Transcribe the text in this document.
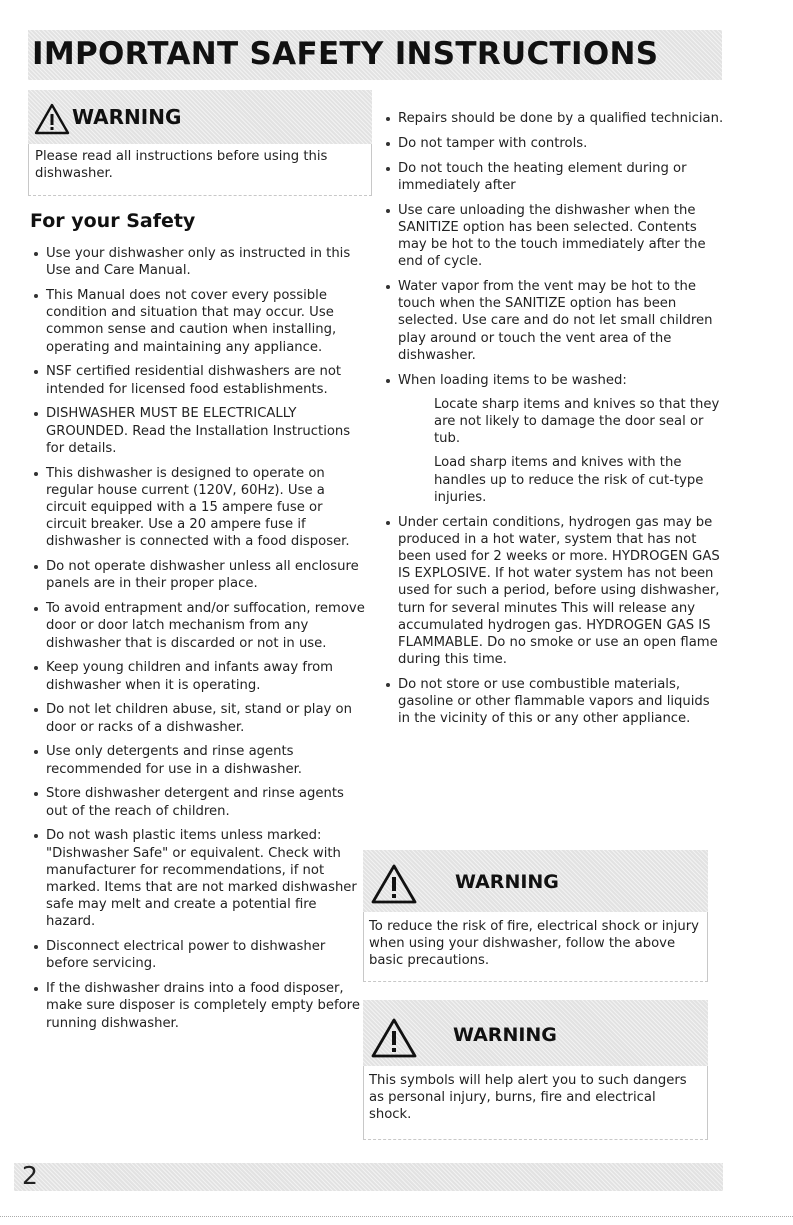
IMPORTANT SAFETY INSTRUCTIONS
WARNING
Please read all instructions before using this dishwasher.
For your Safety
Use your dishwasher only as instructed in this Use and Care Manual.
This Manual does not cover every possible condition and situation that may occur. Use common sense and caution when installing, operating and maintaining any appliance.
NSF certified residential dishwashers are not intended for licensed food establishments.
DISHWASHER MUST BE ELECTRICALLY GROUNDED. Read the Installation Instructions for details.
This dishwasher is designed to operate on regular house current (120V, 60Hz). Use a circuit equipped with a 15 ampere fuse or circuit breaker. Use a 20 ampere fuse if dishwasher is connected with a food disposer.
Do not operate dishwasher unless all enclosure panels are in their proper place.
To avoid entrapment and/or suffocation, remove door or door latch mechanism from any dishwasher that is discarded or not in use.
Keep young children and infants away from dishwasher when it is operating.
Do not let children abuse, sit, stand or play on door or racks of a dishwasher.
Use only detergents and rinse agents recommended for use in a dishwasher.
Store dishwasher detergent and rinse agents out of the reach of children.
Do not wash plastic items unless marked: "Dishwasher Safe" or equivalent. Check with manufacturer for recommendations, if not marked. Items that are not marked dishwasher safe may melt and create a potential fire hazard.
Disconnect electrical power to dishwasher before servicing.
If the dishwasher drains into a food disposer, make sure disposer is completely empty before running dishwasher.
Repairs should be done by a qualified technician.
Do not tamper with controls.
Do not touch the heating element during or immediately after
Use care unloading the dishwasher when the SANITIZE option has been selected. Contents may be hot to the touch immediately after the end of cycle.
Water vapor from the vent may be hot to the touch when the SANITIZE option has been selected. Use care and do not let small children play around or touch the vent area of the dishwasher.
When loading items to be washed:
Locate sharp items and knives so that they are not likely to damage the door seal or tub.
Load sharp items and knives with the handles up to reduce the risk of cut-type injuries.
Under certain conditions, hydrogen gas may be produced in a hot water, system that has not been used for 2 weeks or more. HYDROGEN GAS IS EXPLOSIVE. If hot water system has not been used for such a period, before using dishwasher, turn for several minutes This will release any accumulated hydrogen gas. HYDROGEN GAS IS FLAMMABLE. Do no smoke or use an open flame during this time.
Do not store or use combustible materials, gasoline or other flammable vapors and liquids in the vicinity of this or any other appliance.
WARNING
To reduce the risk of fire, electrical shock or injury when using your dishwasher, follow the above basic precautions.
WARNING
This symbols will help alert you to such dangers as personal injury, burns, fire and electrical shock.
2
